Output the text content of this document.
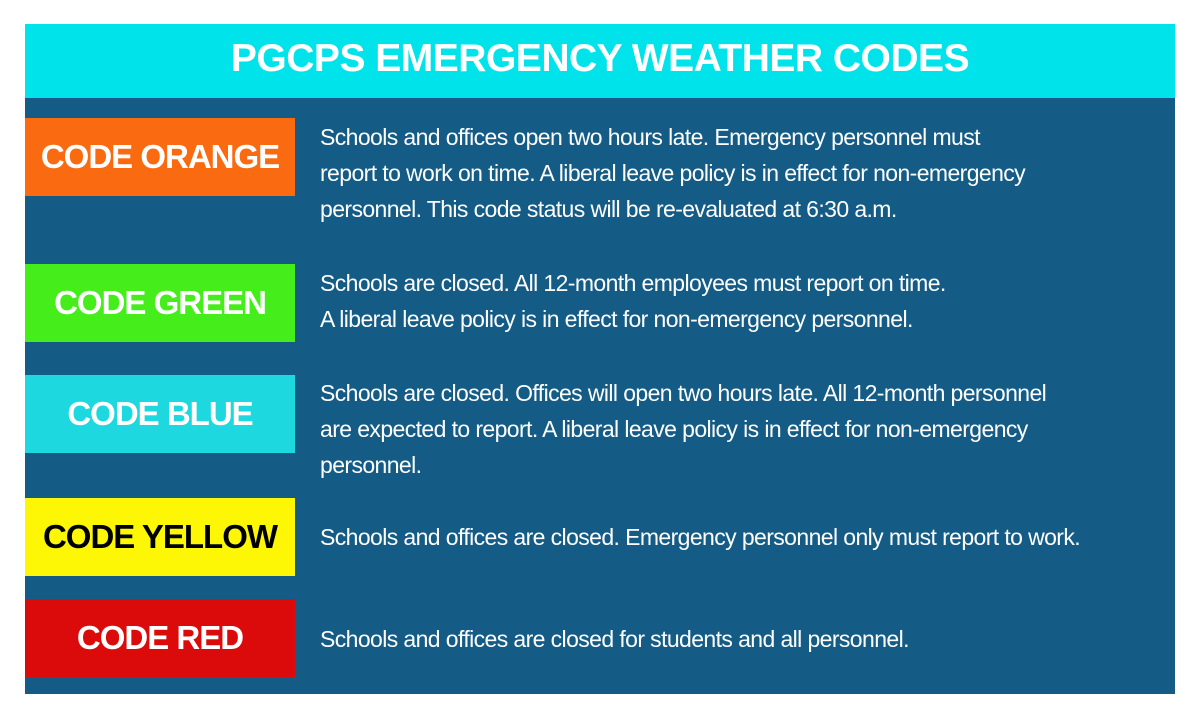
PGCPS EMERGENCY WEATHER CODES
CODE ORANGE
Schools and offices open two hours late. Emergency personnel must
report to work on time. A liberal leave policy is in effect for non-emergency
personnel. This code status will be re-evaluated at 6:30 a.m.
CODE GREEN
Schools are closed. All 12-month employees must report on time.
A liberal leave policy is in effect for non-emergency personnel.
CODE BLUE
Schools are closed. Offices will open two hours late. All 12-month personnel
are expected to report. A liberal leave policy is in effect for non-emergency
personnel.
CODE YELLOW	Schools and offices are closed. Emergency personnel only must report to work.
CODE RED	Schools and offices are closed for students and all personnel.
